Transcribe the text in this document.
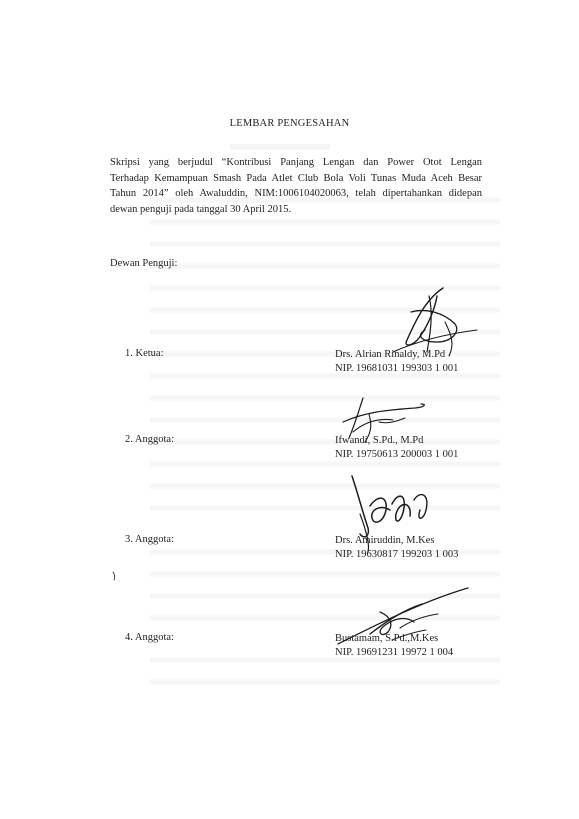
LEMBAR PENGESAHAN
Skripsi yang berjudul “Kontribusi Panjang Lengan dan Power Otot Lengan
Terhadap Kemampuan Smash Pada Atlet Club Bola Voli Tunas Muda Aceh Besar
Tahun 2014” oleh Awaluddin, NIM:1006104020063, telah dipertahankan didepan
dewan penguji pada tanggal 30 April 2015.
Dewan Penguji:
1. Ketua:	Drs. Alrian Rinaldy, M.Pd
NIP. 19681031 199303 1 001
2. Anggota:	Ifwandi, S.Pd., M.Pd
NIP. 19750613 200003 1 001
3. Anggota:	Drs. Amiruddin, M.Kes
NIP. 19630817 199203 1 003
4. Anggota:	Bustamam, S.Pd.,M.Kes
NIP. 19691231 19972 1 004
